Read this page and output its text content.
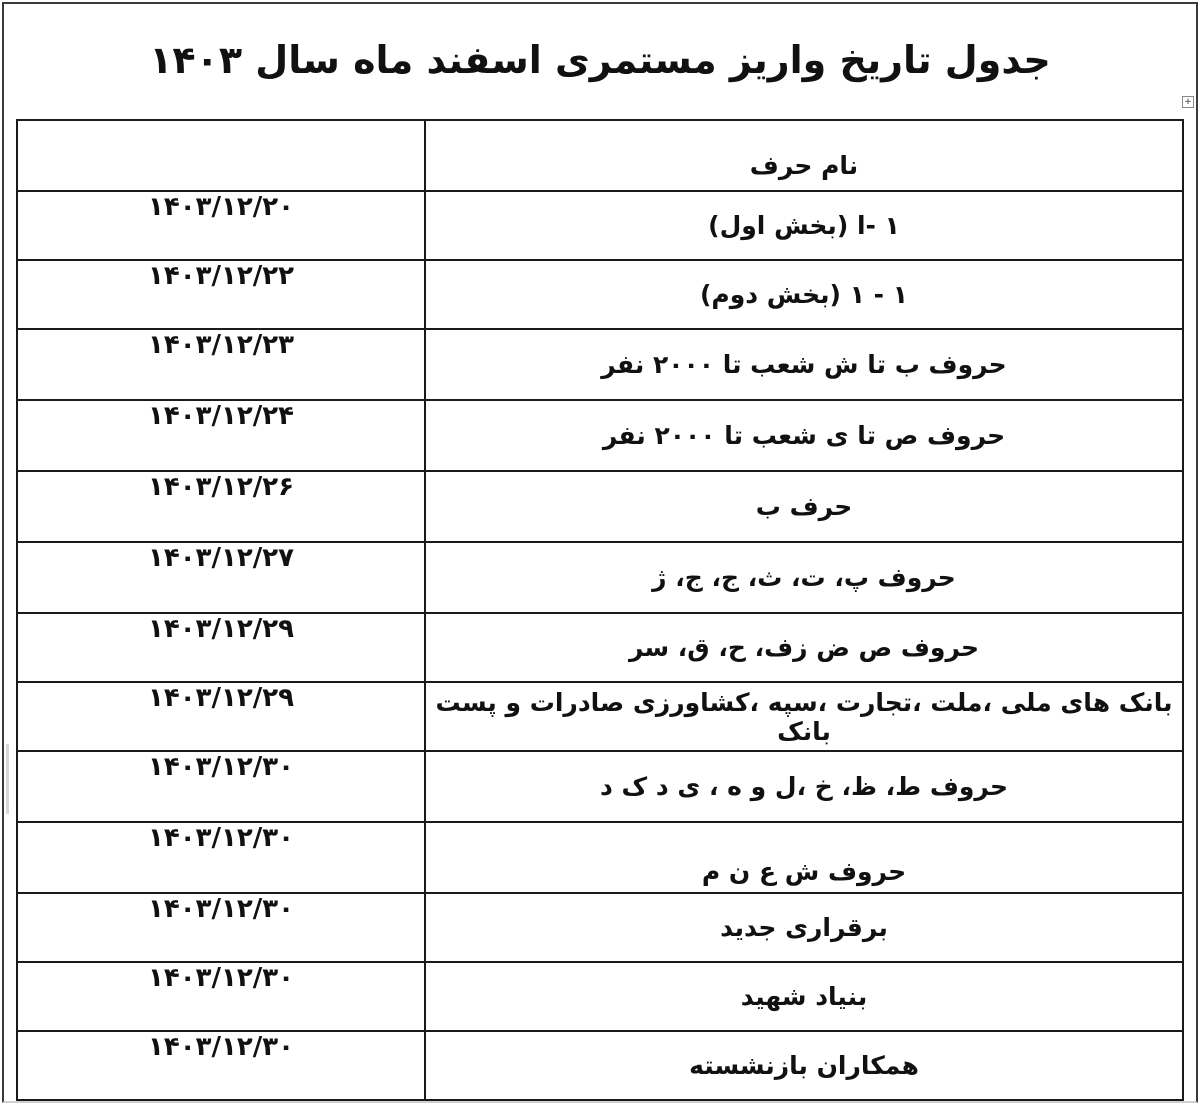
جدول تاریخ واریز مستمری اسفند ماه سال ۱۴۰۳
+
	نام حرف
۱۴۰۳/۱۲/۲۰	۱ -ا (بخش اول)
۱۴۰۳/۱۲/۲۲	۱ - ۱ (بخش دوم)
۱۴۰۳/۱۲/۲۳	حروف ب تا ش شعب تا ۲۰۰۰ نفر
۱۴۰۳/۱۲/۲۴	حروف ص تا ی شعب تا ۲۰۰۰ نفر
۱۴۰۳/۱۲/۲۶	حرف ب
۱۴۰۳/۱۲/۲۷	حروف پ، ت، ث، ج، ج، ژ
۱۴۰۳/۱۲/۲۹	حروف ص ض زف، ح، ق، سر
۱۴۰۳/۱۲/۲۹	بانک های ملی ،ملت ،تجارت ،سپه ،کشاورزی صادرات و پست بانک
۱۴۰۳/۱۲/۳۰	حروف ط، ظ، خ ،ل و ه ، ی د ک د
۱۴۰۳/۱۲/۳۰	حروف ش ع ن م
۱۴۰۳/۱۲/۳۰	برقراری جدید
۱۴۰۳/۱۲/۳۰	بنیاد شهید
۱۴۰۳/۱۲/۳۰	همکاران بازنشسته
